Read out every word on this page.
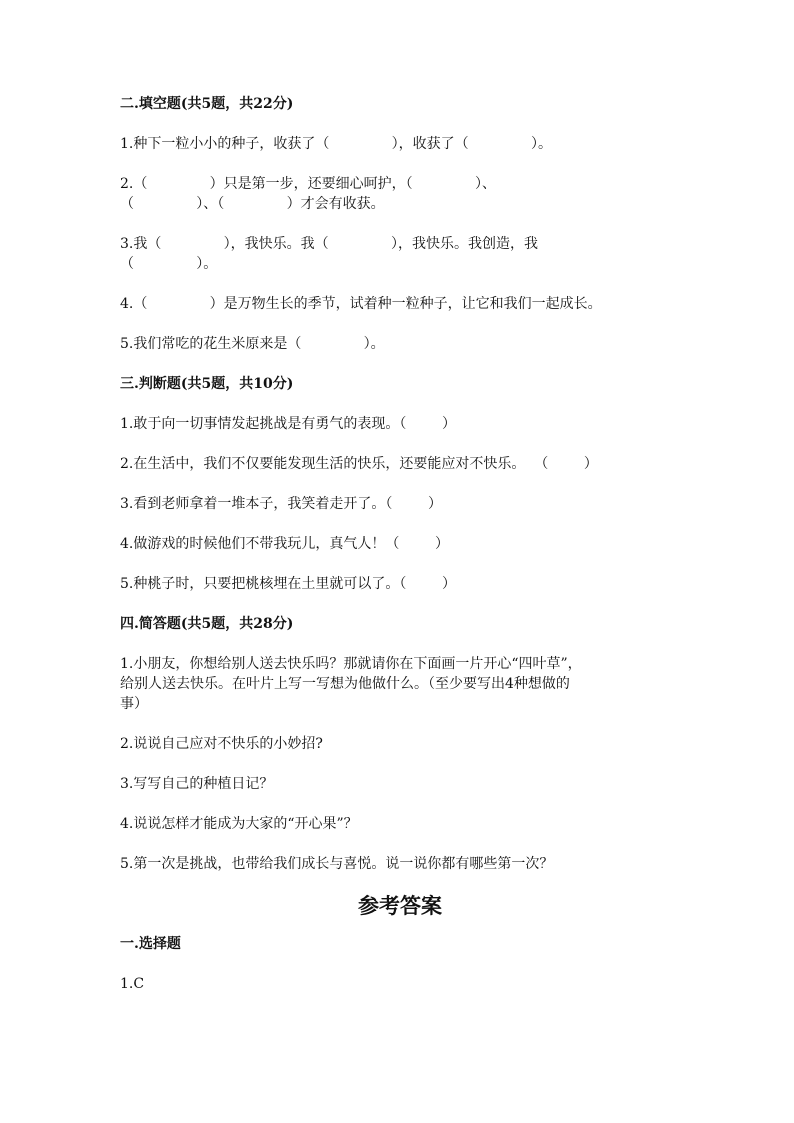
二.填空题(共5题，共22分)

1.种下一粒小小的种子，收获了（              ），收获了（              ）。

2.（              ）只是第一步，还要细心呵护，（              ）、
（              ）、（              ）才会有收获。

3.我（              ），我快乐。我（              ），我快乐。我创造，我
（              ）。

4.（              ）是万物生长的季节，试着种一粒种子，让它和我们一起成长。

5.我们常吃的花生米原来是（              ）。

三.判断题(共5题，共10分)

1.敢于向一切事情发起挑战是有勇气的表现。（        ）

2.在生活中，我们不仅要能发现生活的快乐，还要能应对不快乐。  （        ）

3.看到老师拿着一堆本子，我笑着走开了。（        ）

4.做游戏的时候他们不带我玩儿，真气人！（        ）

5.种桃子时，只要把桃核埋在土里就可以了。（        ）

四.简答题(共5题，共28分)

1.小朋友，你想给别人送去快乐吗？那就请你在下面画一片开心“四叶草”，
给别人送去快乐。在叶片上写一写想为他做什么。（至少要写出4种想做的
事）

2.说说自己应对不快乐的小妙招?

3.写写自己的种植日记？

4.说说怎样才能成为大家的“开心果”？

5.第一次是挑战，也带给我们成长与喜悦。说一说你都有哪些第一次？

参考答案

一.选择题

1.C
